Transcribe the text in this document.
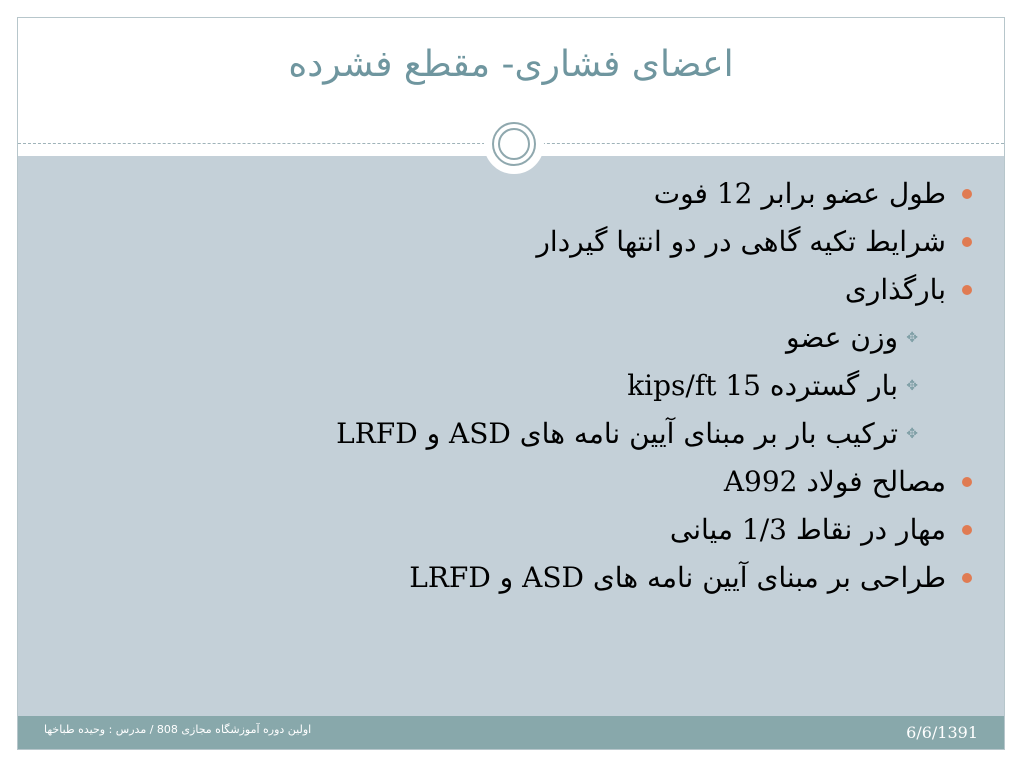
اعضای فشاری- مقطع فشرده
طول عضو برابر 12 فوت
شرایط تکیه گاهی در دو انتها گیردار
بارگذاری
✥
وزن عضو
✥
بار گسترده 15 kips/ft
✥
ترکیب بار بر مبنای آیین نامه های ASD و LRFD
مصالح فولاد A992
مهار در نقاط 1/3 میانی
طراحی بر مبنای آیین نامه های ASD و LRFD
اولین دوره آموزشگاه مجازی 808 / مدرس : وحیده طباخها	6/6/1391
